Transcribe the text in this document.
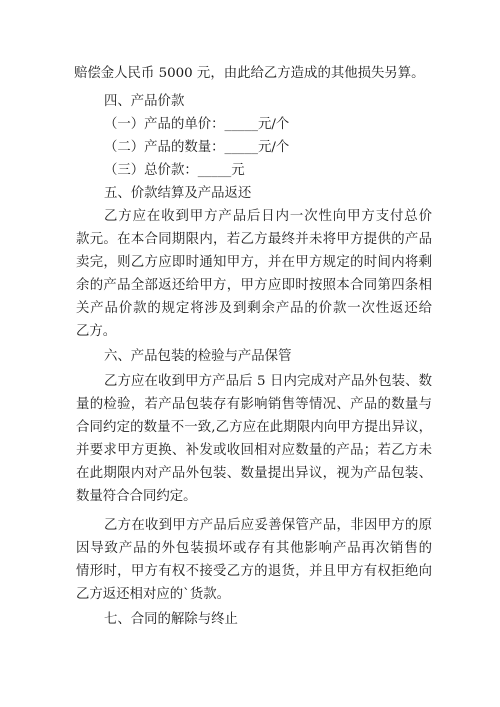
赔偿金人民币 5000 元，由此给乙方造成的其他损失另算。
四、产品价款
（一）产品的单价：_____元/个
（二）产品的数量：_____元/个
（三）总价款：_____元
五、价款结算及产品返还
乙方应在收到甲方产品后日内一次性向甲方支付总价
款元。在本合同期限内，若乙方最终并未将甲方提供的产品
卖完，则乙方应即时通知甲方，并在甲方规定的时间内将剩
余的产品全部返还给甲方，甲方应即时按照本合同第四条相
关产品价款的规定将涉及到剩余产品的价款一次性返还给
乙方。
六、产品包装的检验与产品保管
乙方应在收到甲方产品后 5 日内完成对产品外包装、数
量的检验，若产品包装存有影响销售等情况、产品的数量与
合同约定的数量不一致,乙方应在此期限内向甲方提出异议，
并要求甲方更换、补发或收回相对应数量的产品；若乙方未
在此期限内对产品外包装、数量提出异议，视为产品包装、
数量符合合同约定。
乙方在收到甲方产品后应妥善保管产品，非因甲方的原
因导致产品的外包装损坏或存有其他影响产品再次销售的
情形时，甲方有权不接受乙方的退货，并且甲方有权拒绝向
乙方返还相对应的`货款。
七、合同的解除与终止
